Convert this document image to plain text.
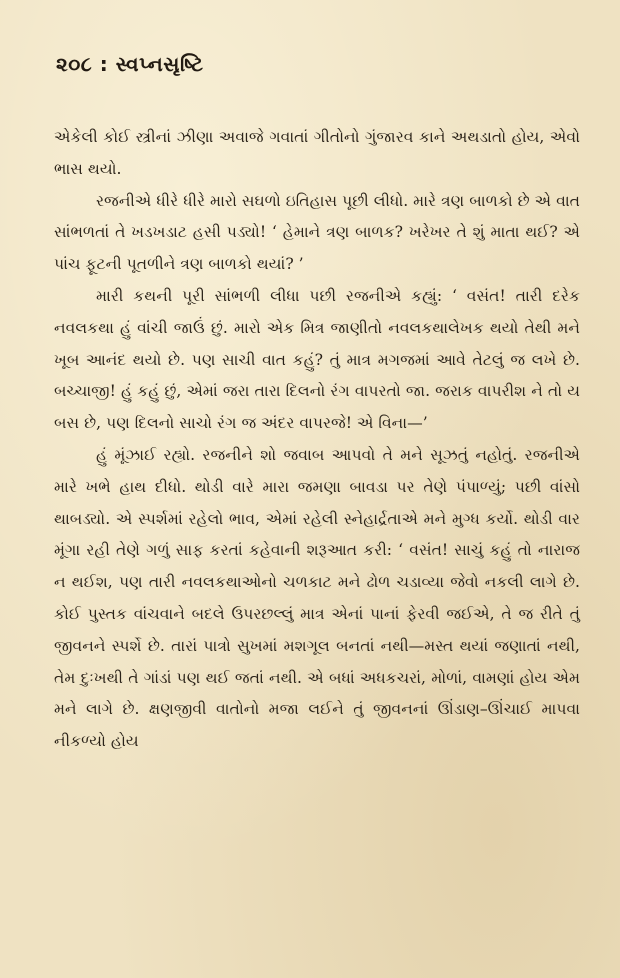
૨૦૮ : સ્વપ્નસૃષ્ટિ

એકેલી કોઈ સ્ત્રીનાં ઝીણા અવાજે ગવાતાં ગીતોનો ગુંજારવ કાને અથડાતો હોય, એવો ભાસ થયો.

રજનીએ ધીરે ધીરે મારો સઘળો ઇતિહાસ પૂછી લીધો. મારે ત્રણ બાળકો છે એ વાત સાંભળતાં તે ખડખડાટ હસી પડ્યો! ‘ હેમાને ત્રણ બાળક? ખરેખર તે શું માતા થઈ? એ પાંચ ફૂટની પૂતળીને ત્રણ બાળકો થયાં? ’

મારી કથની પૂરી સાંભળી લીધા પછી રજનીએ કહ્યું: ‘ વસંત! તારી દરેક નવલકથા હું વાંચી જાઉં છું. મારો એક મિત્ર જાણીતો નવલકથાલેખક થયો તેથી મને ખૂબ આનંદ થયો છે. પણ સાચી વાત કહું? તું માત્ર મગજમાં આવે તેટલું જ લખે છે. બચ્ચાજી! હું કહું છું, એમાં જરા તારા દિલનો રંગ વાપરતો જા. જરાક વાપરીશ ને તો ય બસ છે, પણ દિલનો સાચો રંગ જ અંદર વાપરજે! એ વિના—’

હું મૂંઝાઈ રહ્યો. રજનીને શો જવાબ આપવો તે મને સૂઝતું નહોતું. રજનીએ મારે ખભે હાથ દીધો. થોડી વારે મારા જમણા બાવડા પર તેણે પંપાળ્યું; પછી વાંસો થાબડ્યો. એ સ્પર્શમાં રહેલો ભાવ, એમાં રહેલી સ્નેહાર્દ્રતાએ મને મુગ્ધ કર્યો. થોડી વાર મૂંગા રહી તેણે ગળું સાફ કરતાં કહેવાની શરૂઆત કરી: ‘ વસંત! સાચું કહું તો નારાજ ન થઈશ, પણ તારી નવલકથાઓનો ચળકાટ મને ઢોળ ચડાવ્યા જેવો નકલી લાગે છે. કોઈ પુસ્તક વાંચવાને બદલે ઉપરછલ્લું માત્ર એનાં પાનાં ફેરવી જઈએ, તે જ રીતે તું જીવનને સ્પર્શે છે. તારાં પાત્રો સુખમાં મશગૂલ બનતાં નથી—મસ્ત થયાં જણાતાં નથી, તેમ દુઃખથી તે ગાંડાં પણ થઈ જતાં નથી. એ બધાં અધકચરાં, મોળાં, વામણાં હોય એમ મને લાગે છે. ક્ષણજીવી વાતોનો મજા લઈને તું જીવનનાં ઊંડાણ–ઊંચાઈ માપવા નીકળ્યો હોય
